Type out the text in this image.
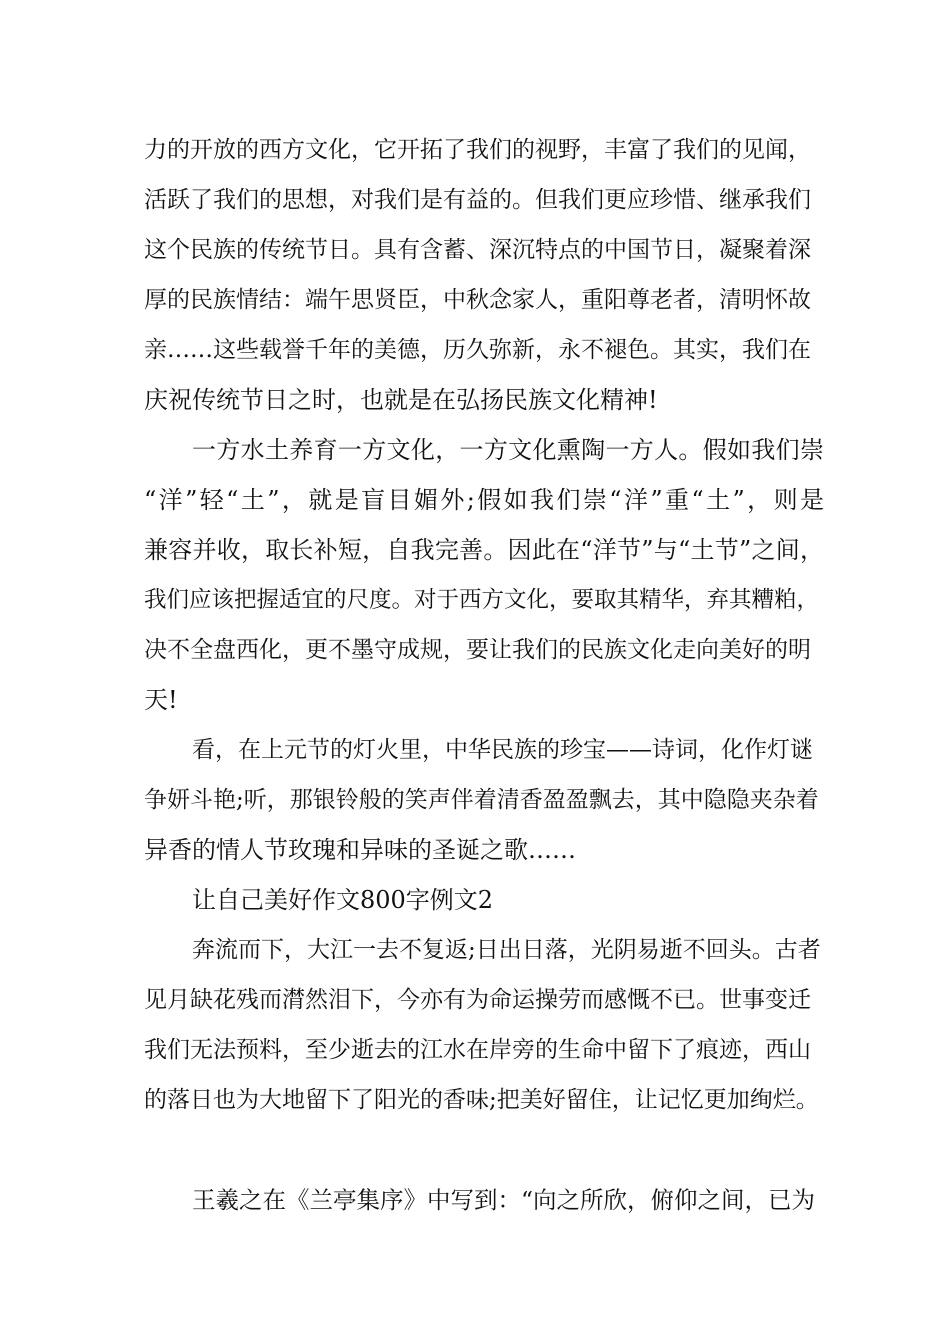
力的开放的西方文化，它开拓了我们的视野，丰富了我们的见闻，
活跃了我们的思想，对我们是有益的。但我们更应珍惜、继承我们
这个民族的传统节日。具有含蓄、深沉特点的中国节日，凝聚着深
厚的民族情结：端午思贤臣，中秋念家人，重阳尊老者，清明怀故
亲……这些载誉千年的美德，历久弥新，永不褪色。其实，我们在
庆祝传统节日之时，也就是在弘扬民族文化精神!
一方水土养育一方文化，一方文化熏陶一方人。假如我们崇
“洋”轻“土”，就是盲目媚外;假如我们崇“洋”重“土”，则是
兼容并收，取长补短，自我完善。因此在“洋节”与“土节”之间，
我们应该把握适宜的尺度。对于西方文化，要取其精华，弃其糟粕，
决不全盘西化，更不墨守成规，要让我们的民族文化走向美好的明
天!
看，在上元节的灯火里，中华民族的珍宝——诗词，化作灯谜
争妍斗艳;听，那银铃般的笑声伴着清香盈盈飘去，其中隐隐夹杂着
异香的情人节玫瑰和异味的圣诞之歌……
让自己美好作文800字例文2
奔流而下，大江一去不复返;日出日落，光阴易逝不回头。古者
见月缺花残而潸然泪下，今亦有为命运操劳而感慨不已。世事变迁
我们无法预料，至少逝去的江水在岸旁的生命中留下了痕迹，西山
的落日也为大地留下了阳光的香味;把美好留住，让记忆更加绚烂。
王羲之在《兰亭集序》中写到：“向之所欣，俯仰之间，已为
